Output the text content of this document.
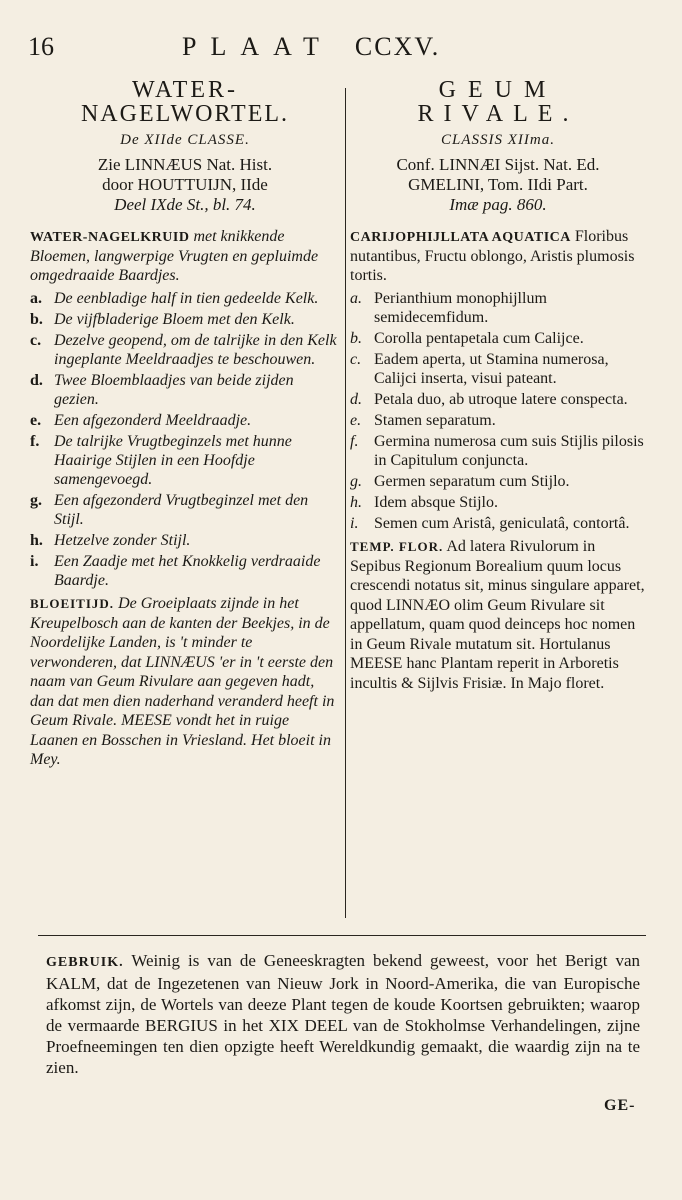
16	PLAAT CCXV.
WATER-
NAGELWORTEL.
De XIIde CLASSE.
Zie LINNÆUS Nat. Hist.
door HOUTTUIJN, IIde
Deel IXde St., bl. 74.
WATER-NAGELKRUID met knikkende Bloemen, langwerpige Vrugten en gepluimde omgedraaide Baardjes.
a. De eenbladige half in tien gedeelde Kelk.
b. De vijfbladerige Bloem met den Kelk.
c. Dezelve geopend, om de talrijke in den Kelk ingeplante Meeldraadjes te beschouwen.
d. Twee Bloemblaadjes van beide zijden gezien.
e. Een afgezonderd Meeldraadje.
f. De talrijke Vrugtbeginzels met hunne Haairige Stijlen in een Hoofdje samengevoegd.
g. Een afgezonderd Vrugtbeginzel met den Stijl.
h. Hetzelve zonder Stijl.
i. Een Zaadje met het Knokkelig verdraaide Baardje.
BLOEITIJD. De Groeiplaats zijnde in het Kreupelbosch aan de kanten der Beekjes, in de Noordelijke Landen, is 't minder te verwonderen, dat LINNÆUS 'er in 't eerste den naam van Geum Rivulare aan gegeven hadt, dan dat men dien naderhand veranderd heeft in Geum Rivale. MEESE vondt het in ruige Laanen en Bosschen in Vriesland. Het bloeit in Mey.
GEUM
RIVALE.
CLASSIS XIIma.
Conf. LINNÆI Sijst. Nat. Ed.
GMELINI, Tom. IIdi Part.
Imæ pag. 860.
CARIJOPHIJLLATA AQUATICA Floribus nutantibus, Fructu oblongo, Aristis plumosis tortis.
a. Perianthium monophijllum semidecemfidum.
b. Corolla pentapetala cum Calijce.
c. Eadem aperta, ut Stamina numerosa, Calijci inserta, visui pateant.
d. Petala duo, ab utroque latere conspecta.
e. Stamen separatum.
f. Germina numerosa cum suis Stijlis pilosis in Capitulum conjuncta.
g. Germen separatum cum Stijlo.
h. Idem absque Stijlo.
i. Semen cum Aristâ, geniculatâ, contortâ.
TEMP. FLOR. Ad latera Rivulorum in Sepibus Regionum Borealium quum locus crescendi notatus sit, minus singulare apparet, quod LINNÆO olim Geum Rivulare sit appellatum, quam quod deinceps hoc nomen in Geum Rivale mutatum sit. Hortulanus MEESE hanc Plantam reperit in Arboretis incultis & Sijlvis Frisiæ. In Majo floret.
GEBRUIK. Weinig is van de Geneeskragten bekend geweest, voor het Berigt van KALM, dat de Ingezetenen van Nieuw Jork in Noord-Amerika, die van Europische afkomst zijn, de Wortels van deeze Plant tegen de koude Koortsen gebruikten; waarop de vermaarde BERGIUS in het XIX DEEL van de Stokholmse Verhandelingen, zijne Proefneemingen ten dien opzigte heeft Wereldkundig gemaakt, die waardig zijn na te zien.
GE-
